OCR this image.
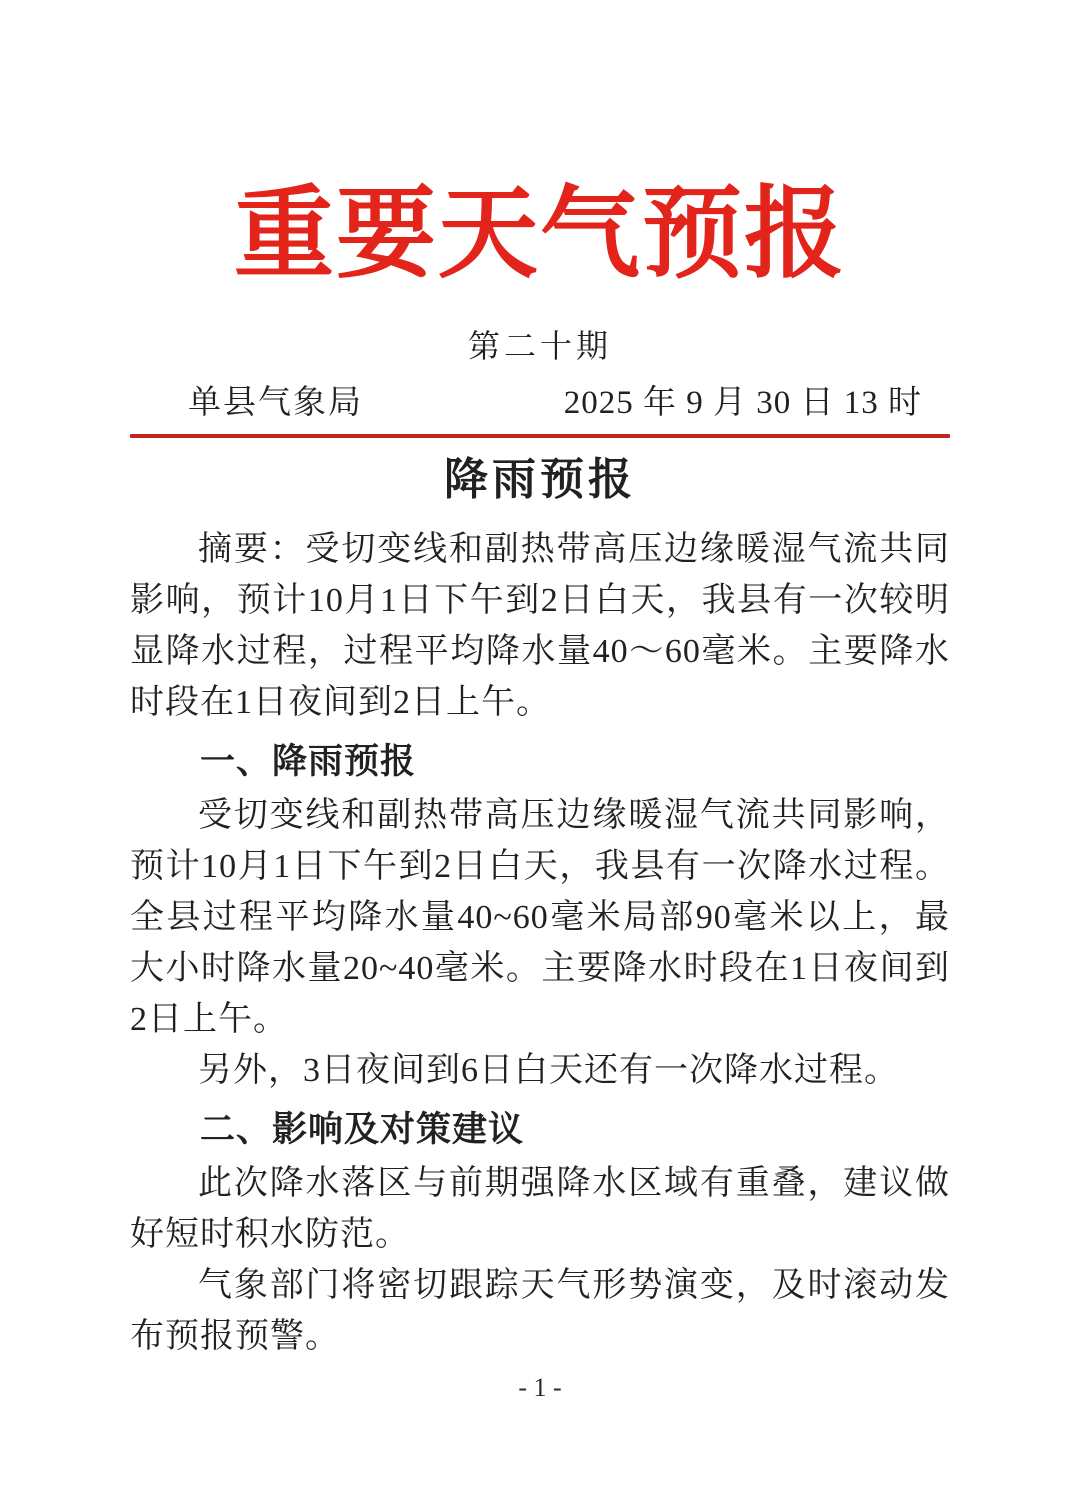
重要天气预报
第二十期
单县气象局	2025 年 9 月 30 日 13 时
降雨预报

摘要：受切变线和副热带高压边缘暖湿气流共同影响，预计10月1日下午到2日白天，我县有一次较明显降水过程，过程平均降水量40～60毫米。主要降水时段在1日夜间到2日上午。

一、降雨预报

受切变线和副热带高压边缘暖湿气流共同影响，预计10月1日下午到2日白天，我县有一次降水过程。全县过程平均降水量40~60毫米局部90毫米以上，最大小时降水量20~40毫米。主要降水时段在1日夜间到2日上午。

另外，3日夜间到6日白天还有一次降水过程。

二、影响及对策建议

此次降水落区与前期强降水区域有重叠，建议做好短时积水防范。

气象部门将密切跟踪天气形势演变，及时滚动发布预报预警。

- 1 -
